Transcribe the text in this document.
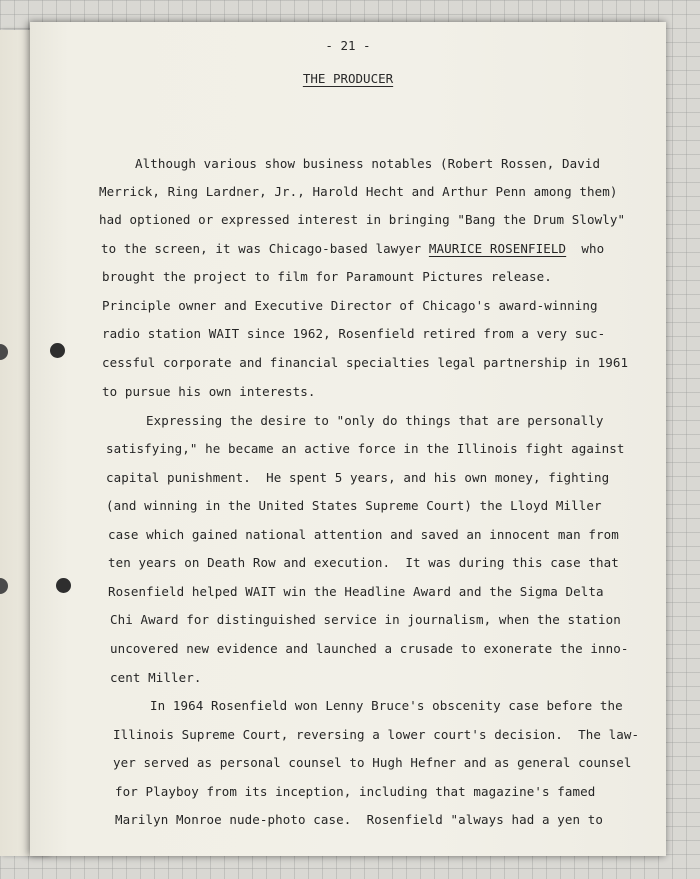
- 21 -
THE PRODUCER
Although various show business notables (Robert Rossen, David
Merrick, Ring Lardner, Jr., Harold Hecht and Arthur Penn among them)
had optioned or expressed interest in bringing "Bang the Drum Slowly"
to the screen, it was Chicago-based lawyer MAURICE ROSENFIELD  who
brought the project to film for Paramount Pictures release.
Principle owner and Executive Director of Chicago's award-winning
radio station WAIT since 1962, Rosenfield retired from a very suc-
cessful corporate and financial specialties legal partnership in 1961
to pursue his own interests.
Expressing the desire to "only do things that are personally
satisfying," he became an active force in the Illinois fight against
capital punishment.  He spent 5 years, and his own money, fighting
(and winning in the United States Supreme Court) the Lloyd Miller
case which gained national attention and saved an innocent man from
ten years on Death Row and execution.  It was during this case that
Rosenfield helped WAIT win the Headline Award and the Sigma Delta
Chi Award for distinguished service in journalism, when the station
uncovered new evidence and launched a crusade to exonerate the inno-
cent Miller.
In 1964 Rosenfield won Lenny Bruce's obscenity case before the
Illinois Supreme Court, reversing a lower court's decision.  The law-
yer served as personal counsel to Hugh Hefner and as general counsel
for Playboy from its inception, including that magazine's famed
Marilyn Monroe nude-photo case.  Rosenfield "always had a yen to
